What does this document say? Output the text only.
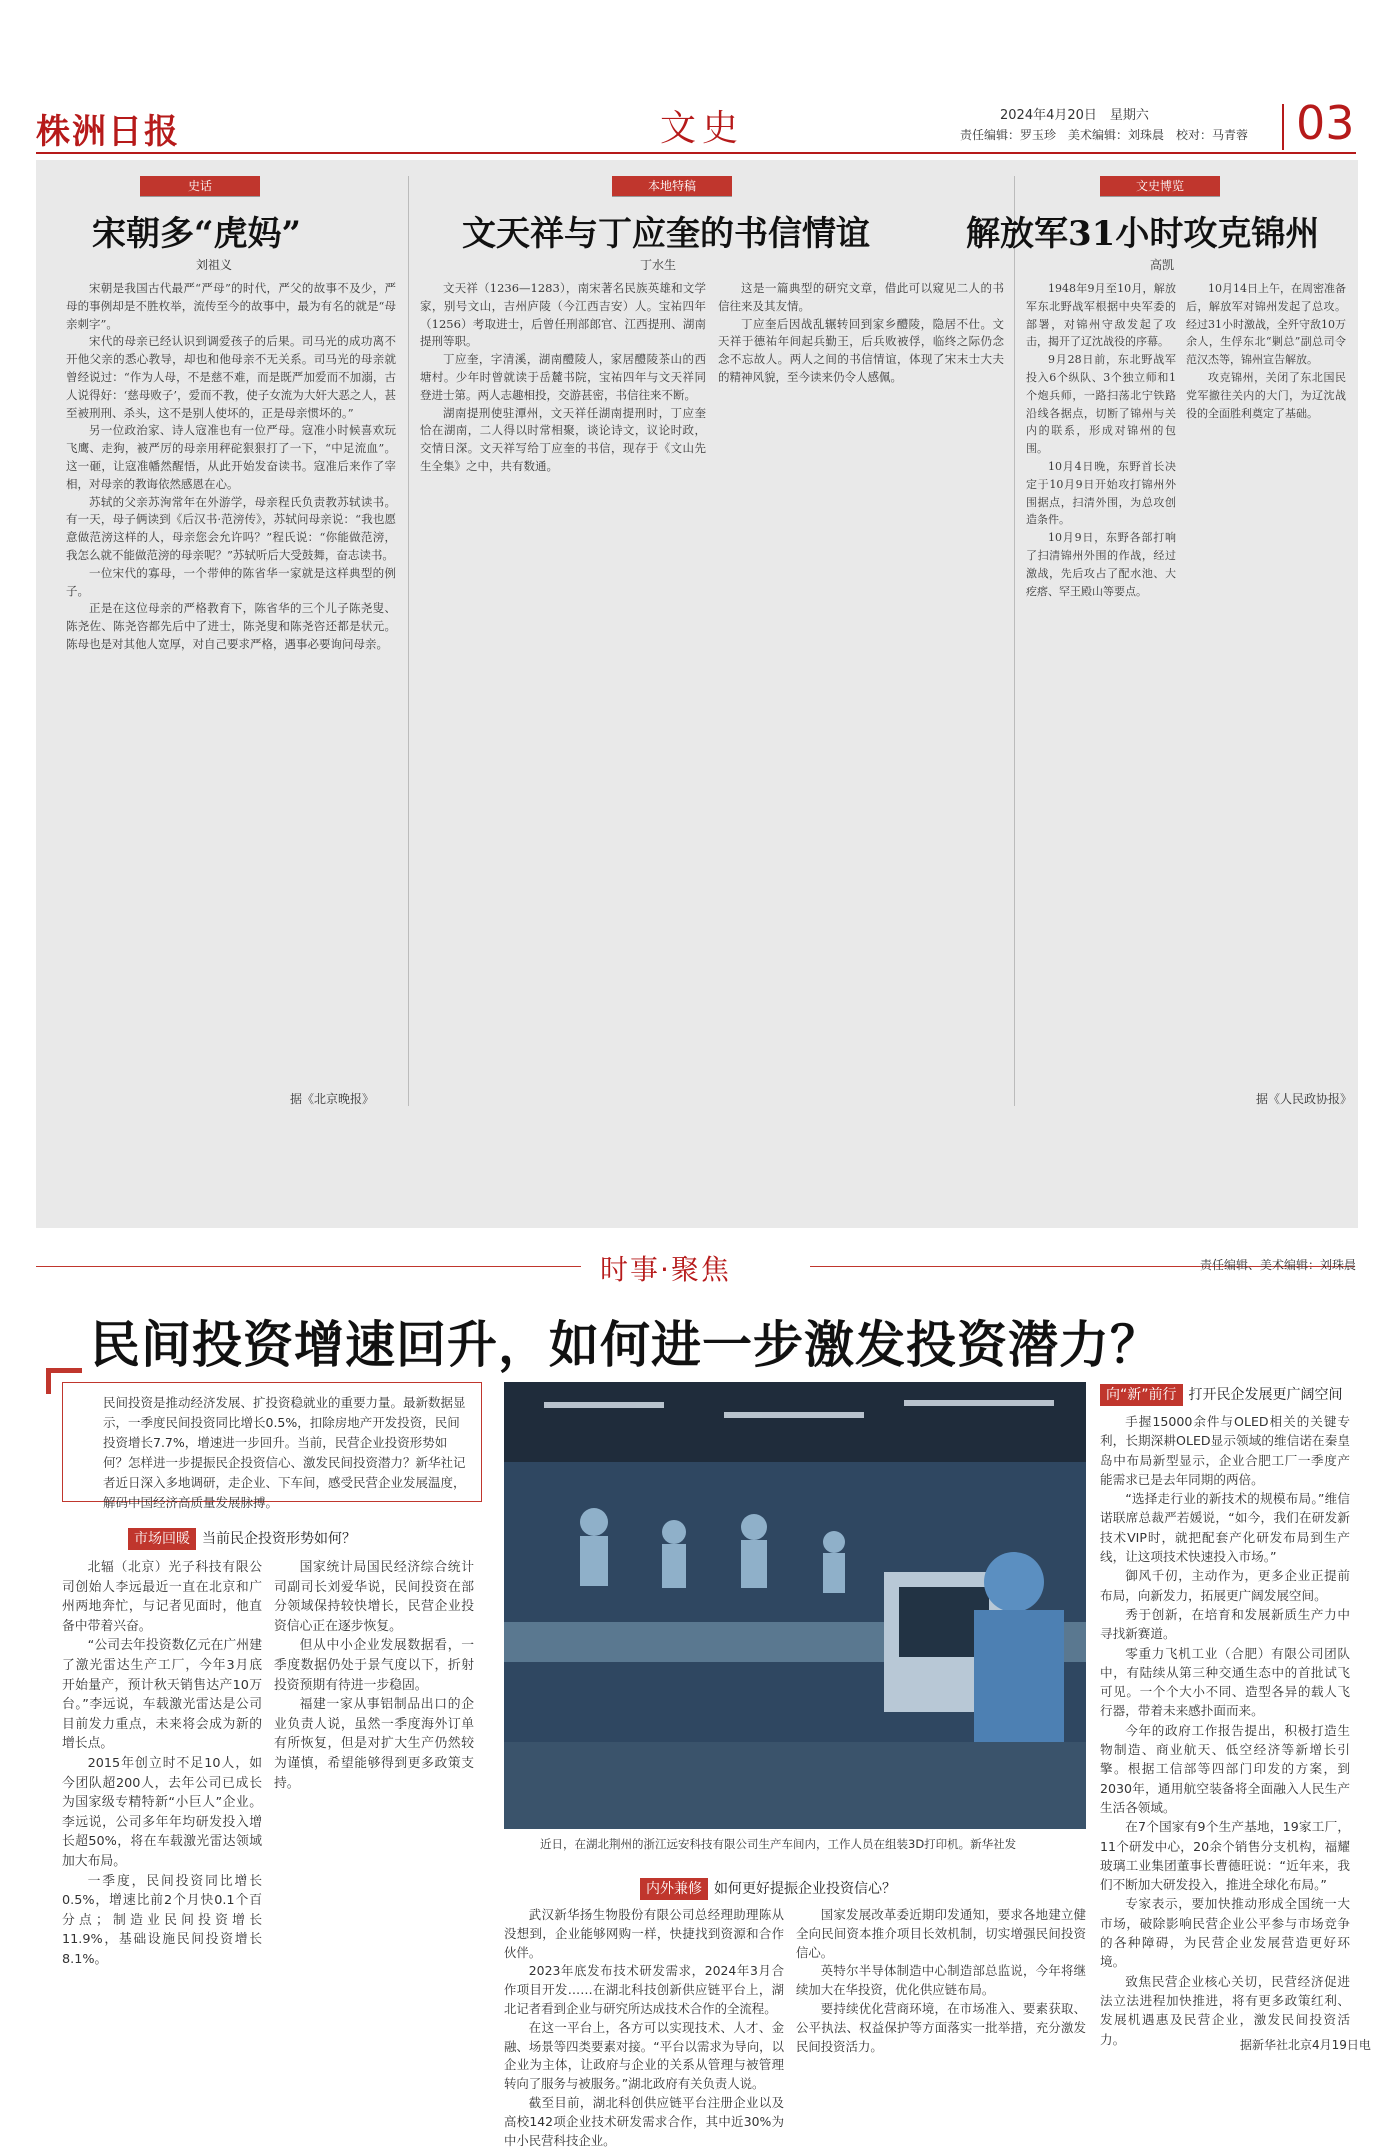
株洲日报	文史	2024年4月20日　星期六
责任编辑：罗玉珍　美术编辑：刘珠晨　校对：马青蓉 03
史话
宋朝多“虎妈”
刘祖义

宋朝是我国古代最严“严母”的时代，严父的故事不及少，严母的事例却是不胜枚举，流传至今的故事中，最为有名的就是“母亲刺字”。

宋代的母亲已经认识到调爱孩子的后果。司马光的成功离不开他父亲的悉心教导，却也和他母亲不无关系。司马光的母亲就曾经说过：“作为人母，不是慈不难，而是既严加爱而不加溺，古人说得好：‘慈母败子’，爱而不教，使子女流为大奸大恶之人，甚至被刑刑、杀头，这不是别人使坏的，正是母亲惯坏的。”

另一位政治家、诗人寇准也有一位严母。寇准小时候喜欢玩飞鹰、走狗，被严厉的母亲用秤砣狠狠打了一下，“中足流血”。这一砸，让寇准幡然醒悟，从此开始发奋读书。寇准后来作了宰相，对母亲的教诲依然感恩在心。

苏轼的父亲苏洵常年在外游学，母亲程氏负责教苏轼读书。有一天，母子俩读到《后汉书·范滂传》，苏轼问母亲说：“我也愿意做范滂这样的人，母亲您会允许吗？”程氏说：“你能做范滂，我怎么就不能做范滂的母亲呢？”苏轼听后大受鼓舞，奋志读书。

一位宋代的寡母，一个带伸的陈省华一家就是这样典型的例子。

正是在这位母亲的严格教育下，陈省华的三个儿子陈尧叟、陈尧佐、陈尧咨都先后中了进士，陈尧叟和陈尧咨还都是状元。陈母也是对其他人宽厚，对自己要求严格，遇事必要询问母亲。

据《北京晚报》
本地特稿
文天祥与丁应奎的书信情谊
丁水生

文天祥（1236—1283），南宋著名民族英雄和文学家，别号文山，吉州庐陵（今江西吉安）人。宝祐四年（1256）考取进士，后曾任刑部郎官、江西提刑、湖南提刑等职。

丁应奎，字清溪，湖南醴陵人，家居醴陵茶山的西塘村。少年时曾就读于岳麓书院，宝祐四年与文天祥同登进士第。两人志趣相投，交游甚密，书信往来不断。

湖南提刑使驻潭州，文天祥任湖南提刑时，丁应奎恰在湖南，二人得以时常相聚，谈论诗文，议论时政，交情日深。文天祥写给丁应奎的书信，现存于《文山先生全集》之中，共有数通。

这是一篇典型的研究文章，借此可以窥见二人的书信往来及其友情。

丁应奎后因战乱辗转回到家乡醴陵，隐居不仕。文天祥于德祐年间起兵勤王，后兵败被俘，临终之际仍念念不忘故人。两人之间的书信情谊，体现了宋末士大夫的精神风貌，至今读来仍令人感佩。

文史博览
解放军31小时攻克锦州
高凯

1948年9月至10月，解放军东北野战军根据中央军委的部署，对锦州守敌发起了攻击，揭开了辽沈战役的序幕。

9月28日前，东北野战军投入6个纵队、3个独立师和1个炮兵师，一路扫荡北宁铁路沿线各据点，切断了锦州与关内的联系，形成对锦州的包围。

10月4日晚，东野首长决定于10月9日开始攻打锦州外围据点，扫清外围，为总攻创造条件。

10月9日，东野各部打响了扫清锦州外围的作战，经过激战，先后攻占了配水池、大疙瘩、罕王殿山等要点。

10月14日上午，在周密准备后，解放军对锦州发起了总攻。经过31小时激战，全歼守敌10万余人，生俘东北“剿总”副总司令范汉杰等，锦州宣告解放。

攻克锦州，关闭了东北国民党军撤往关内的大门，为辽沈战役的全面胜利奠定了基础。

据《人民政协报》
时事·聚焦	责任编辑、美术编辑：刘珠晨
民间投资增速回升，如何进一步激发投资潜力？
民间投资是推动经济发展、扩投资稳就业的重要力量。最新数据显示，一季度民间投资同比增长0.5%，扣除房地产开发投资，民间投资增长7.7%，增速进一步回升。当前，民营企业投资形势如何？怎样进一步提振民企投资信心、激发民间投资潜力？新华社记者近日深入多地调研，走企业、下车间，感受民营企业发展温度，解码中国经济高质量发展脉搏。
近日，在湖北荆州的浙江远安科技有限公司生产车间内，工作人员在组装3D打印机。新华社发
市场回暖 当前民企投资形势如何？

北辐（北京）光子科技有限公司创始人李远最近一直在北京和广州两地奔忙，与记者见面时，他直备中带着兴奋。

“公司去年投资数亿元在广州建了激光雷达生产工厂，今年3月底开始量产，预计秋天销售达产10万台。”李远说，车载激光雷达是公司目前发力重点，未来将会成为新的增长点。

2015年创立时不足10人，如今团队超200人，去年公司已成长为国家级专精特新“小巨人”企业。李远说，公司多年年均研发投入增长超50%，将在车载激光雷达领域加大布局。

一季度，民间投资同比增长0.5%，增速比前2个月快0.1个百分点；制造业民间投资增长11.9%，基础设施民间投资增长8.1%。

国家统计局国民经济综合统计司副司长刘爱华说，民间投资在部分领域保持较快增长，民营企业投资信心正在逐步恢复。

但从中小企业发展数据看，一季度数据仍处于景气度以下，折射投资预期有待进一步稳固。

福建一家从事铝制品出口的企业负责人说，虽然一季度海外订单有所恢复，但是对扩大生产仍然较为谨慎，希望能够得到更多政策支持。

内外兼修 如何更好提振企业投资信心？

武汉新华扬生物股份有限公司总经理助理陈从没想到，企业能够网购一样，快捷找到资源和合作伙伴。

2023年底发布技术研发需求，2024年3月合作项目开发……在湖北科技创新供应链平台上，湖北记者看到企业与研究所达成技术合作的全流程。

在这一平台上，各方可以实现技术、人才、金融、场景等四类要素对接。“平台以需求为导向，以企业为主体，让政府与企业的关系从管理与被管理转向了服务与被服务。”湖北政府有关负责人说。

截至目前，湖北科创供应链平台注册企业以及高校142项企业技术研发需求合作，其中近30%为中小民营科技企业。

国家发展改革委近期印发通知，要求各地建立健全向民间资本推介项目长效机制，切实增强民间投资信心。

英特尔半导体制造中心制造部总监说，今年将继续加大在华投资，优化供应链布局。

要持续优化营商环境，在市场准入、要素获取、公平执法、权益保护等方面落实一批举措，充分激发民间投资活力。

向“新”前行 打开民企发展更广阔空间

手握15000余件与OLED相关的关键专利，长期深耕OLED显示领域的维信诺在秦皇岛中布局新型显示，企业合肥工厂一季度产能需求已是去年同期的两倍。

“选择走行业的新技术的规模布局。”维信诺联席总裁严若媛说，“如今，我们在研发新技术VIP时，就把配套产化研发布局到生产线，让这项技术快速投入市场。”

御风千仞，主动作为，更多企业正提前布局，向新发力，拓展更广阔发展空间。

秀于创新，在培育和发展新质生产力中寻找新赛道。

零重力飞机工业（合肥）有限公司团队中，有陆续从第三种交通生态中的首批试飞可见。一个个大小不同、造型各异的载人飞行器，带着未来感扑面而来。

今年的政府工作报告提出，积极打造生物制造、商业航天、低空经济等新增长引擎。根据工信部等四部门印发的方案，到2030年，通用航空装备将全面融入人民生产生活各领域。

在7个国家有9个生产基地，19家工厂，11个研发中心，20余个销售分支机构，福耀玻璃工业集团董事长曹德旺说：“近年来，我们不断加大研发投入，推进全球化布局。”

专家表示，要加快推动形成全国统一大市场，破除影响民营企业公平参与市场竞争的各种障碍，为民营企业发展营造更好环境。

致焦民营企业核心关切，民营经济促进法立法进程加快推进，将有更多政策红利、发展机遇惠及民营企业，激发民间投资活力。	据新华社北京4月19日电
